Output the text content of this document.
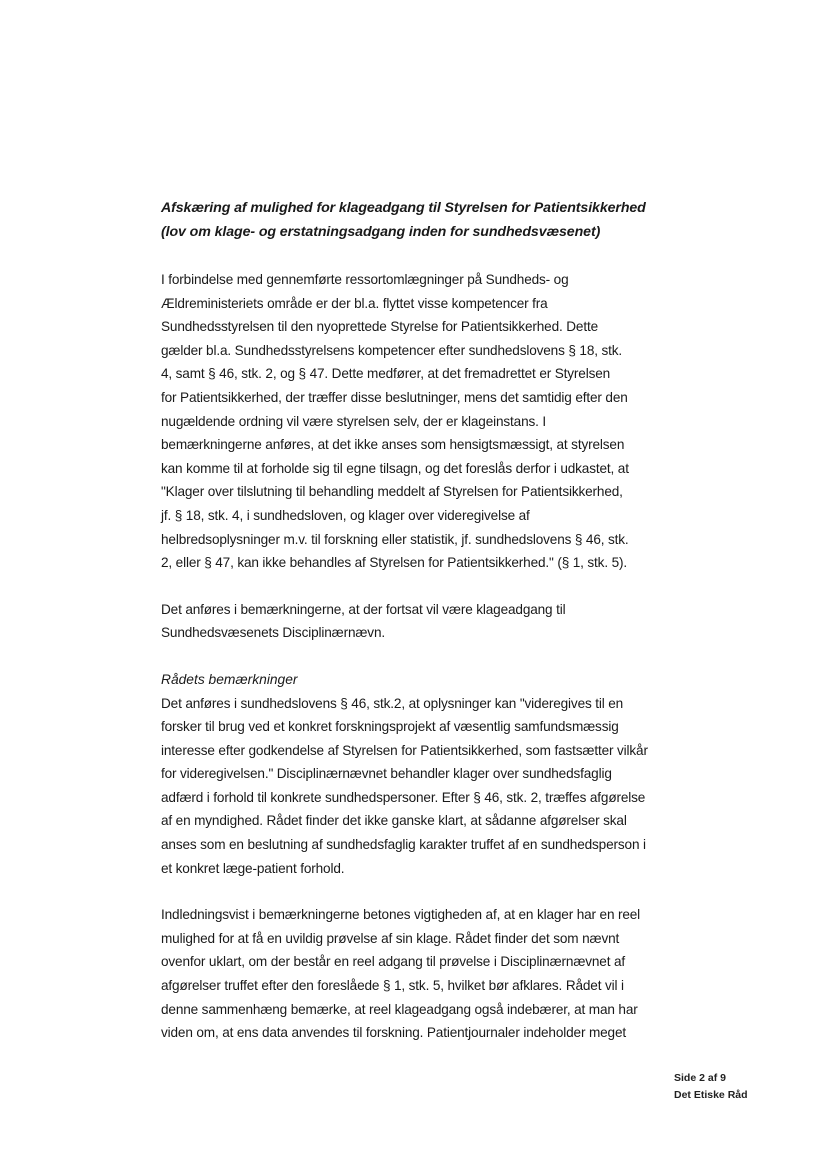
Afskæring af mulighed for klageadgang til Styrelsen for Patientsikkerhed
(lov om klage- og erstatningsadgang inden for sundhedsvæsenet)
I forbindelse med gennemførte ressortomlægninger på Sundheds- og
Ældreministeriets område er der bl.a. flyttet visse kompetencer fra
Sundhedsstyrelsen til den nyoprettede Styrelse for Patientsikkerhed. Dette
gælder bl.a. Sundhedsstyrelsens kompetencer efter sundhedslovens § 18, stk.
4, samt § 46, stk. 2, og § 47. Dette medfører, at det fremadrettet er Styrelsen
for Patientsikkerhed, der træffer disse beslutninger, mens det samtidig efter den
nugældende ordning vil være styrelsen selv, der er klageinstans. I
bemærkningerne anføres, at det ikke anses som hensigtsmæssigt, at styrelsen
kan komme til at forholde sig til egne tilsagn, og det foreslås derfor i udkastet, at
"Klager over tilslutning til behandling meddelt af Styrelsen for Patientsikkerhed,
jf. § 18, stk. 4, i sundhedsloven, og klager over videregivelse af
helbredsoplysninger m.v. til forskning eller statistik, jf. sundhedslovens § 46, stk.
2, eller § 47, kan ikke behandles af Styrelsen for Patientsikkerhed." (§ 1, stk. 5).
Det anføres i bemærkningerne, at der fortsat vil være klageadgang til
Sundhedsvæsenets Disciplinærnævn.
Rådets bemærkninger
Det anføres i sundhedslovens § 46, stk.2, at oplysninger kan "videregives til en
forsker til brug ved et konkret forskningsprojekt af væsentlig samfundsmæssig
interesse efter godkendelse af Styrelsen for Patientsikkerhed, som fastsætter vilkår
for videregivelsen." Disciplinærnævnet behandler klager over sundhedsfaglig
adfærd i forhold til konkrete sundhedspersoner. Efter § 46, stk. 2, træffes afgørelse
af en myndighed. Rådet finder det ikke ganske klart, at sådanne afgørelser skal
anses som en beslutning af sundhedsfaglig karakter truffet af en sundhedsperson i
et konkret læge-patient forhold.
Indledningsvist i bemærkningerne betones vigtigheden af, at en klager har en reel
mulighed for at få en uvildig prøvelse af sin klage. Rådet finder det som nævnt
ovenfor uklart, om der består en reel adgang til prøvelse i Disciplinærnævnet af
afgørelser truffet efter den foreslåede § 1, stk. 5, hvilket bør afklares. Rådet vil i
denne sammenhæng bemærke, at reel klageadgang også indebærer, at man har
viden om, at ens data anvendes til forskning. Patientjournaler indeholder meget
Side 2 af 9
Det Etiske Råd
